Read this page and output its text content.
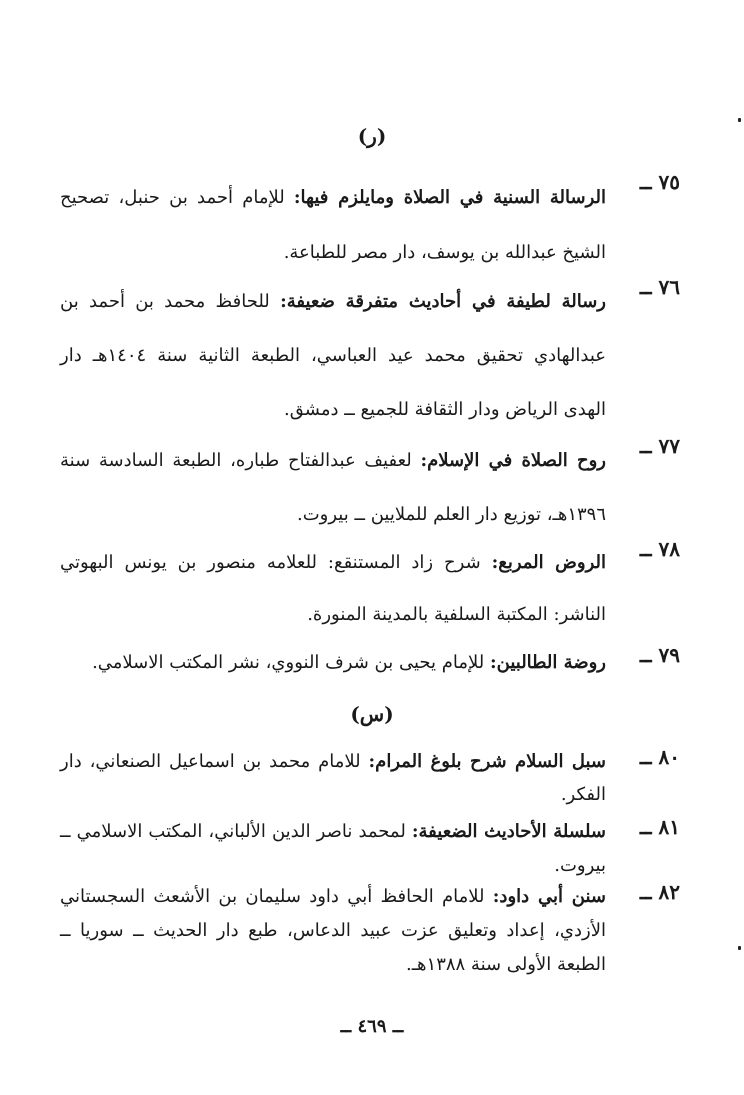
(ر)
٧٥ ــ
الرسالة السنية في الصلاة ومايلزم فيها: للإمام أحمد بن حنبل، تصحيح الشيخ عبدالله بن يوسف، دار مصر للطباعة.
٧٦ ــ
رسالة لطيفة في أحاديث متفرقة ضعيفة: للحافظ محمد بن أحمد بن عبدالهادي تحقيق محمد عيد العباسي، الطبعة الثانية سنة ١٤٠٤هـ دار الهدى الرياض ودار الثقافة للجميع ــ دمشق.
٧٧ ــ
روح الصلاة في الإسلام: لعفيف عبدالفتاح طباره، الطبعة السادسة سنة ١٣٩٦هـ، توزيع دار العلم للملايين ــ بيروت.
٧٨ ــ
الروض المربع: شرح زاد المستنقع: للعلامه منصور بن يونس البهوتي الناشر: المكتبة السلفية بالمدينة المنورة.
٧٩ ــ
روضة الطالبين: للإمام يحيى بن شرف النووي، نشر المكتب الاسلامي.
(س)
٨٠ ــ
سبل السلام شرح بلوغ المرام: للامام محمد بن اسماعيل الصنعاني، دار الفكر.
٨١ ــ
سلسلة الأحاديث الضعيفة: لمحمد ناصر الدين الألباني، المكتب الاسلامي ــ بيروت.
٨٢ ــ
سنن أبي داود: للامام الحافظ أبي داود سليمان بن الأشعث السجستاني الأزدي، إعداد وتعليق عزت عبيد الدعاس، طبع دار الحديث ــ سوريا ــ الطبعة الأولى سنة ١٣٨٨هـ.
ــ ٤٦٩ ــ
